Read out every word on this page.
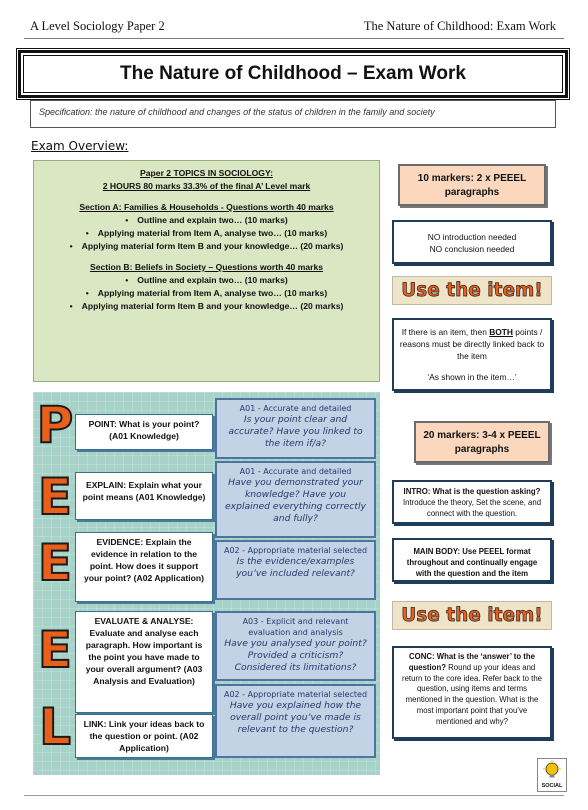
A Level Sociology Paper 2	The Nature of Childhood: Exam Work
The Nature of Childhood – Exam Work
Specification: the nature of childhood and changes of the status of children in the family and society
Exam Overview:
Paper 2 TOPICS IN SOCIOLOGY:
2 HOURS 80 marks 33.3% of the final A’ Level mark
Section A: Families & Households - Questions worth 40 marks
• Outline and explain two… (10 marks)
• Applying material from Item A, analyse two… (10 marks)
• Applying material form Item B and your knowledge… (20 marks)
Section B: Beliefs in Society – Questions worth 40 marks
• Outline and explain two… (10 marks)
• Applying material from Item A, analyse two… (10 marks)
• Applying material form Item B and your knowledge… (20 marks)
P
E
E
E
L
POINT: What is your point? (A01 Knowledge)
EXPLAIN: Explain what your point means (A01 Knowledge)
EVIDENCE: Explain the evidence in relation to the point. How does it support your point? (A02 Application)
EVALUATE & ANALYSE: Evaluate and analyse each paragraph. How important is the point you have made to your overall argument? (A03 Analysis and Evaluation)
LINK: Link your ideas back to the question or point. (A02 Application)
A01 - Accurate and detailed
Is your point clear and accurate? Have you linked to the item if/a?
A01 - Accurate and detailed
Have you demonstrated your knowledge? Have you explained everything correctly and fully?
A02 - Appropriate material selected
Is the evidence/examples you’ve included relevant?
A03 - Explicit and relevant evaluation and analysis
Have you analysed your point? Provided a criticism? Considered its limitations?
A02 - Appropriate material selected
Have you explained how the overall point you’ve made is relevant to the question?
10 markers: 2 x PEEEL paragraphs
NO introduction needed
NO conclusion needed
Use the item!
If there is an item, then BOTH points / reasons must be directly linked back to the item
‘As shown in the item…’
20 markers: 3-4 x PEEEL paragraphs
INTRO: What is the question asking? Introduce the theory, Set the scene, and connect with the question.
MAIN BODY: Use PEEEL format throughout and continually engage with the question and the item
Use the item!
CONC: What is the ‘answer’ to the question? Round up your ideas and return to the core idea. Refer back to the question, using items and terms mentioned in the question. What is the most important point that you’ve mentioned and why?
SOCIAL
